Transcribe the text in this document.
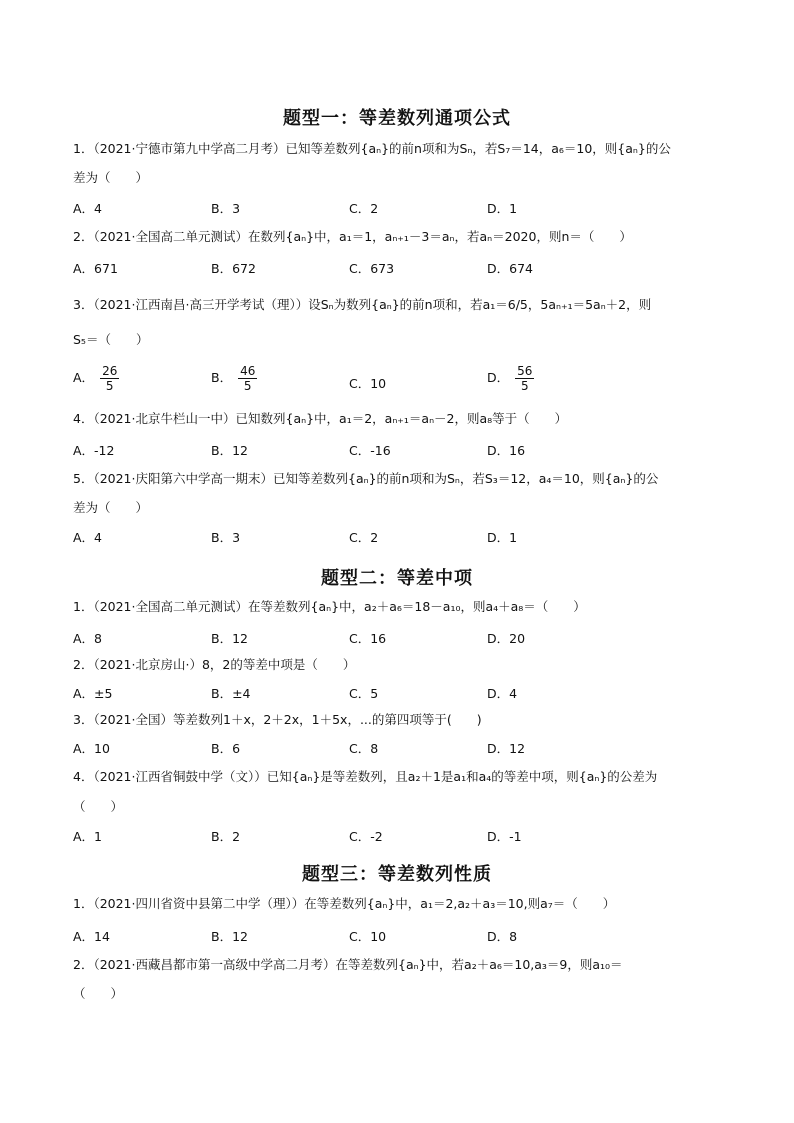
题型一：等差数列通项公式
1．（2021·宁德市第九中学高二月考）已知等差数列{aₙ}的前n项和为Sₙ，若S₇＝14，a₆＝10，则{aₙ}的公
差为（　　）
A．4	B．3	C．2	D．1
2．（2021·全国高二单元测试）在数列{aₙ}中，a₁＝1，aₙ₊₁－3＝aₙ，若aₙ＝2020，则n＝（　　）
A．671	B．672	C．673	D．674
3．（2021·江西南昌·高三开学考试（理））设Sₙ为数列{aₙ}的前n项和，若a₁＝6/5，5aₙ₊₁＝5aₙ＋2，则
S₅＝（　　）
A． $\frac{26}{5}$	B． $\frac{46}{5}$	C．10	D． $\frac{56}{5}$
4．（2021·北京牛栏山一中）已知数列{aₙ}中，a₁＝2，aₙ₊₁＝aₙ－2，则a₈等于（　　）
A．-12	B．12	C．-16	D．16
5．（2021·庆阳第六中学高一期末）已知等差数列{aₙ}的前n项和为Sₙ，若S₃＝12，a₄＝10，则{aₙ}的公
差为（　　）
A．4	B．3	C．2	D．1
题型二：等差中项
1．（2021·全国高二单元测试）在等差数列{aₙ}中，a₂＋a₆＝18－a₁₀，则a₄＋a₈＝（　　）
A．8	B．12	C．16	D．20
2．（2021·北京房山·）8，2的等差中项是（　　）
A．±5	B．±4	C．5	D．4
3．（2021·全国）等差数列1＋x，2＋2x，1＋5x，...的第四项等于(　　)
A．10	B．6	C．8	D．12
4．（2021·江西省铜鼓中学（文））已知{aₙ}是等差数列，且a₂＋1是a₁和a₄的等差中项，则{aₙ}的公差为
（　　）
A．1	B．2	C．-2	D．-1
题型三：等差数列性质
1．（2021·四川省资中县第二中学（理））在等差数列{aₙ}中，a₁＝2,a₂＋a₃＝10,则a₇＝（　　）
A．14	B．12	C．10	D．8
2．（2021·西藏昌都市第一高级中学高二月考）在等差数列{aₙ}中，若a₂＋a₆＝10,a₃＝9，则a₁₀＝
（　　）
